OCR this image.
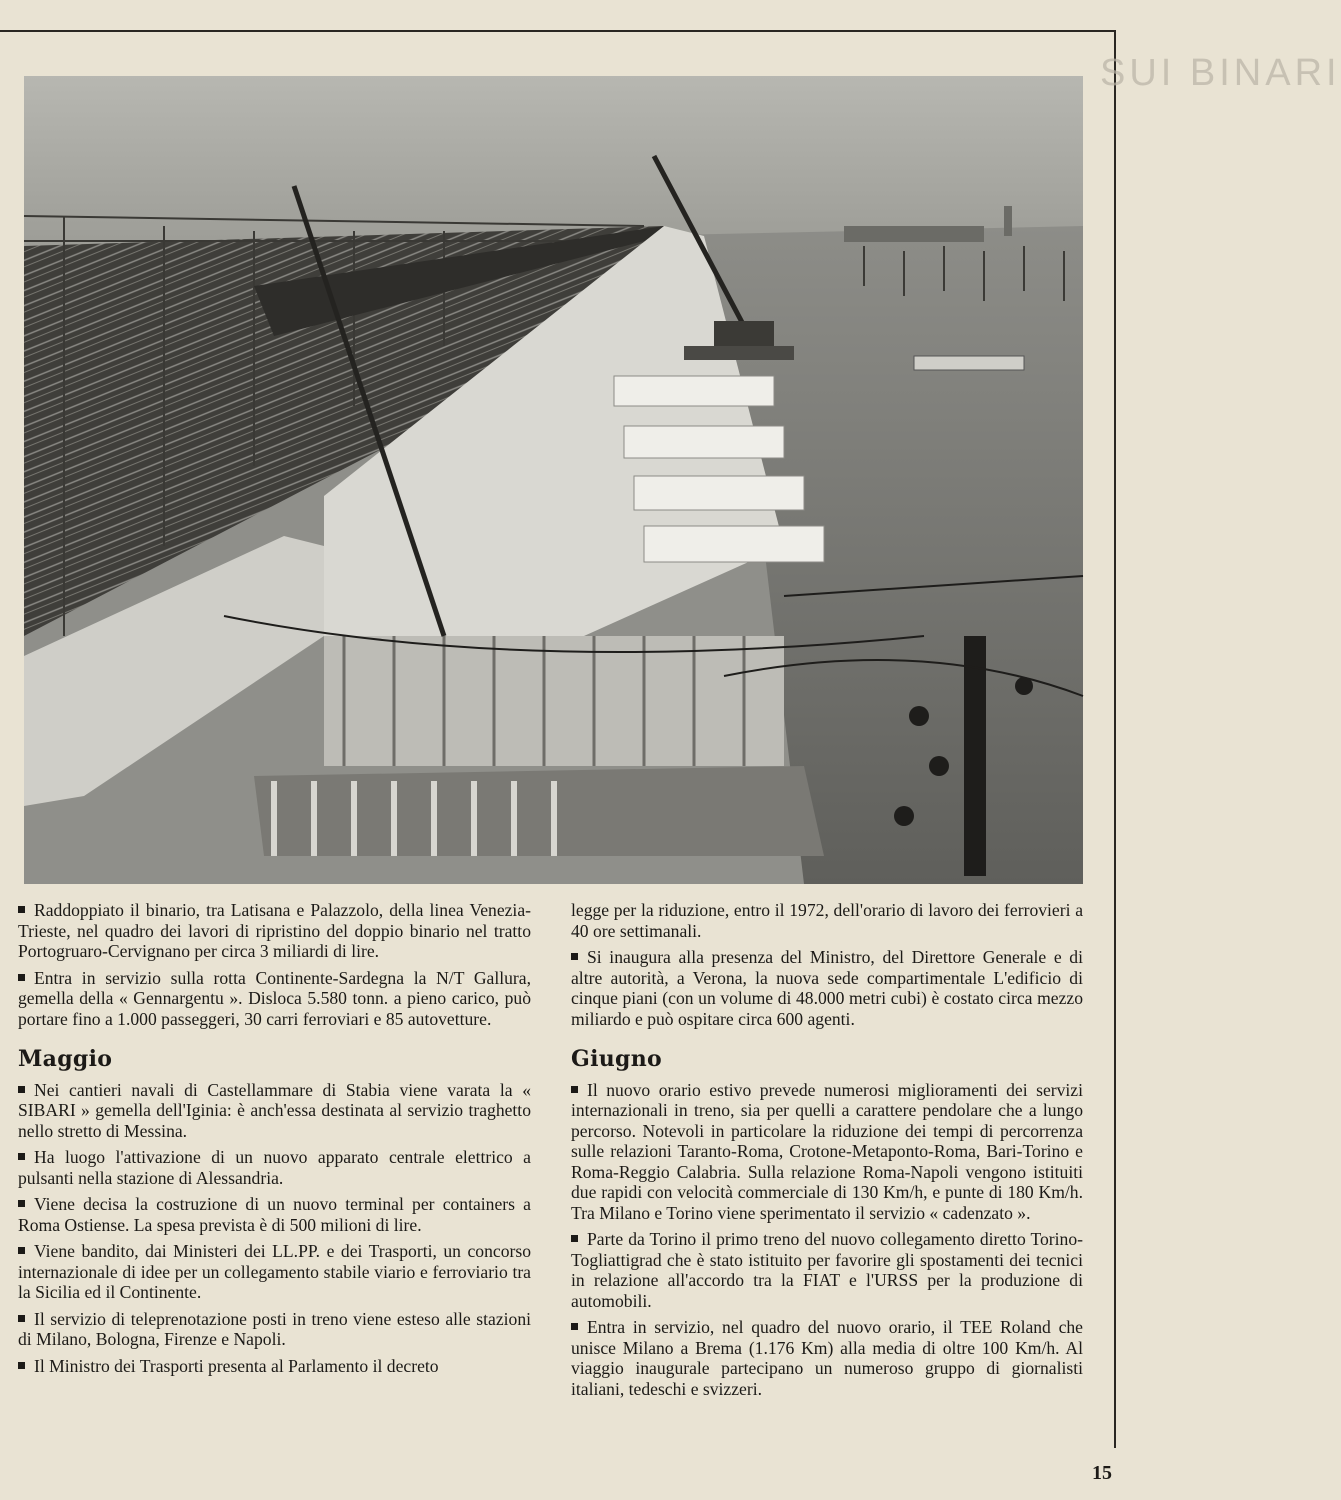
SUI BINARI

Raddoppiato il binario, tra Latisana e Palazzolo, della linea Venezia-Trieste, nel quadro dei lavori di ripristino del doppio binario nel tratto Portogruaro-Cervignano per circa 3 miliardi di lire.

Entra in servizio sulla rotta Continente-Sardegna la N/T Gallura, gemella della « Gennargentu ». Disloca 5.580 tonn. a pieno carico, può portare fino a 1.000 passeggeri, 30 carri ferroviari e 85 autovetture.

Maggio

Nei cantieri navali di Castellammare di Stabia viene varata la « SIBARI » gemella dell'Iginia: è anch'essa destinata al servizio traghetto nello stretto di Messina.

Ha luogo l'attivazione di un nuovo apparato centrale elettrico a pulsanti nella stazione di Alessandria.

Viene decisa la costruzione di un nuovo terminal per containers a Roma Ostiense. La spesa prevista è di 500 milioni di lire.

Viene bandito, dai Ministeri dei LL.PP. e dei Trasporti, un concorso internazionale di idee per un collegamento stabile viario e ferroviario tra la Sicilia ed il Continente.

Il servizio di teleprenotazione posti in treno viene esteso alle stazioni di Milano, Bologna, Firenze e Napoli.

Il Ministro dei Trasporti presenta al Parlamento il decreto

legge per la riduzione, entro il 1972, dell'orario di lavoro dei ferrovieri a 40 ore settimanali.

Si inaugura alla presenza del Ministro, del Direttore Generale e di altre autorità, a Verona, la nuova sede compartimentale L'edificio di cinque piani (con un volume di 48.000 metri cubi) è costato circa mezzo miliardo e può ospitare circa 600 agenti.

Giugno

Il nuovo orario estivo prevede numerosi miglioramenti dei servizi internazionali in treno, sia per quelli a carattere pendolare che a lungo percorso. Notevoli in particolare la riduzione dei tempi di percorrenza sulle relazioni Taranto-Roma, Crotone-Metaponto-Roma, Bari-Torino e Roma-Reggio Calabria. Sulla relazione Roma-Napoli vengono istituiti due rapidi con velocità commerciale di 130 Km/h, e punte di 180 Km/h. Tra Milano e Torino viene sperimentato il servizio « cadenzato ».

Parte da Torino il primo treno del nuovo collegamento diretto Torino-Togliattigrad che è stato istituito per favorire gli spostamenti dei tecnici in relazione all'accordo tra la FIAT e l'URSS per la produzione di automobili.

Entra in servizio, nel quadro del nuovo orario, il TEE Roland che unisce Milano a Brema (1.176 Km) alla media di oltre 100 Km/h. Al viaggio inaugurale partecipano un numeroso gruppo di giornalisti italiani, tedeschi e svizzeri.

15
